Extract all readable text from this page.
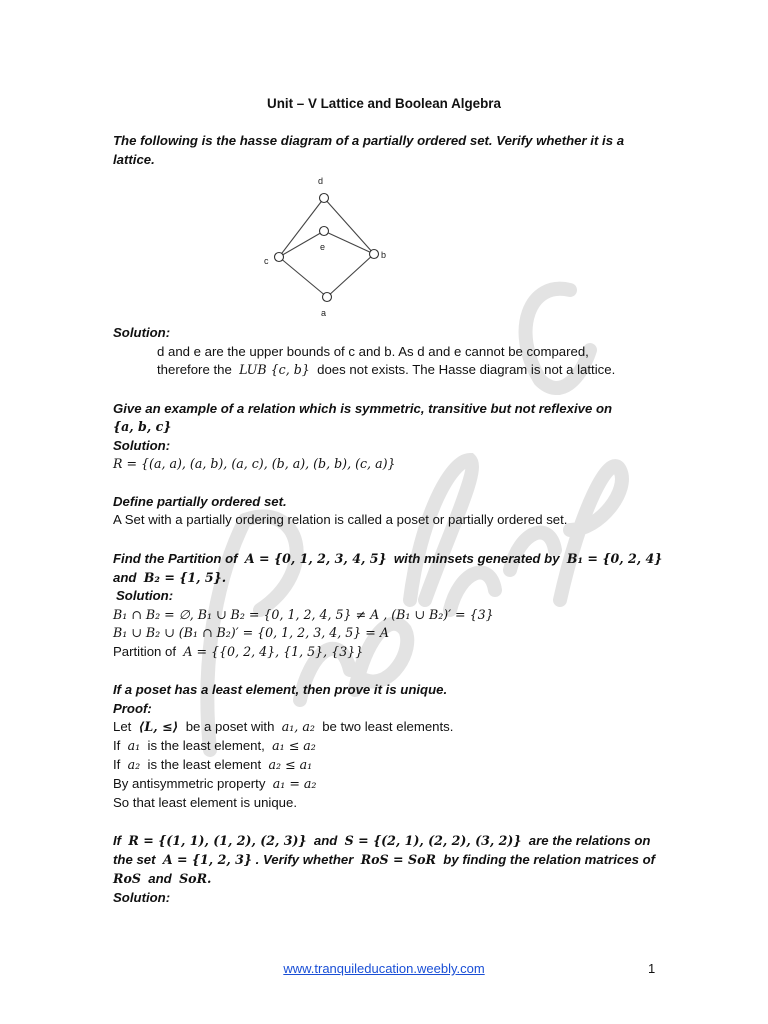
Unit – V Lattice and Boolean Algebra
The following is the hasse diagram of a partially ordered set. Verify whether it is a
lattice.
d
e
c
b
a
Solution:
d and e are the upper bounds of c and b. As d and e cannot be compared,
therefore the LUB {c, b} does not exists. The Hasse diagram is not a lattice.
Give an example of a relation which is symmetric, transitive but not reflexive on
{a, b, c}
Solution:
R = {(a, a), (a, b), (a, c), (b, a), (b, b), (c, a)}
Define partially ordered set.
A Set with a partially ordering relation is called a poset or partially ordered set.
Find the Partition of A = {0, 1, 2, 3, 4, 5} with minsets generated by B₁ = {0, 2, 4}
and B₂ = {1, 5}.
Solution:
B₁ ∩ B₂ = ∅, B₁ ∪ B₂ = {0, 1, 2, 4, 5} ≠ A , (B₁ ∪ B₂)′ = {3}
B₁ ∪ B₂ ∪ (B₁ ∩ B₂)′ = {0, 1, 2, 3, 4, 5} = A
Partition of A = {{0, 2, 4}, {1, 5}, {3}}
If a poset has a least element, then prove it is unique.
Proof:
Let ⟨L, ≤⟩ be a poset with a₁, a₂ be two least elements.
If a₁ is the least element, a₁ ≤ a₂
If a₂ is the least element a₂ ≤ a₁
By antisymmetric property a₁ = a₂
So that least element is unique.
If R = {(1, 1), (1, 2), (2, 3)} and S = {(2, 1), (2, 2), (3, 2)} are the relations on
the set A = {1, 2, 3} . Verify whether RoS = SoR by finding the relation matrices of
RoS and SoR.
Solution:
www.tranquileducation.weebly.com	1
